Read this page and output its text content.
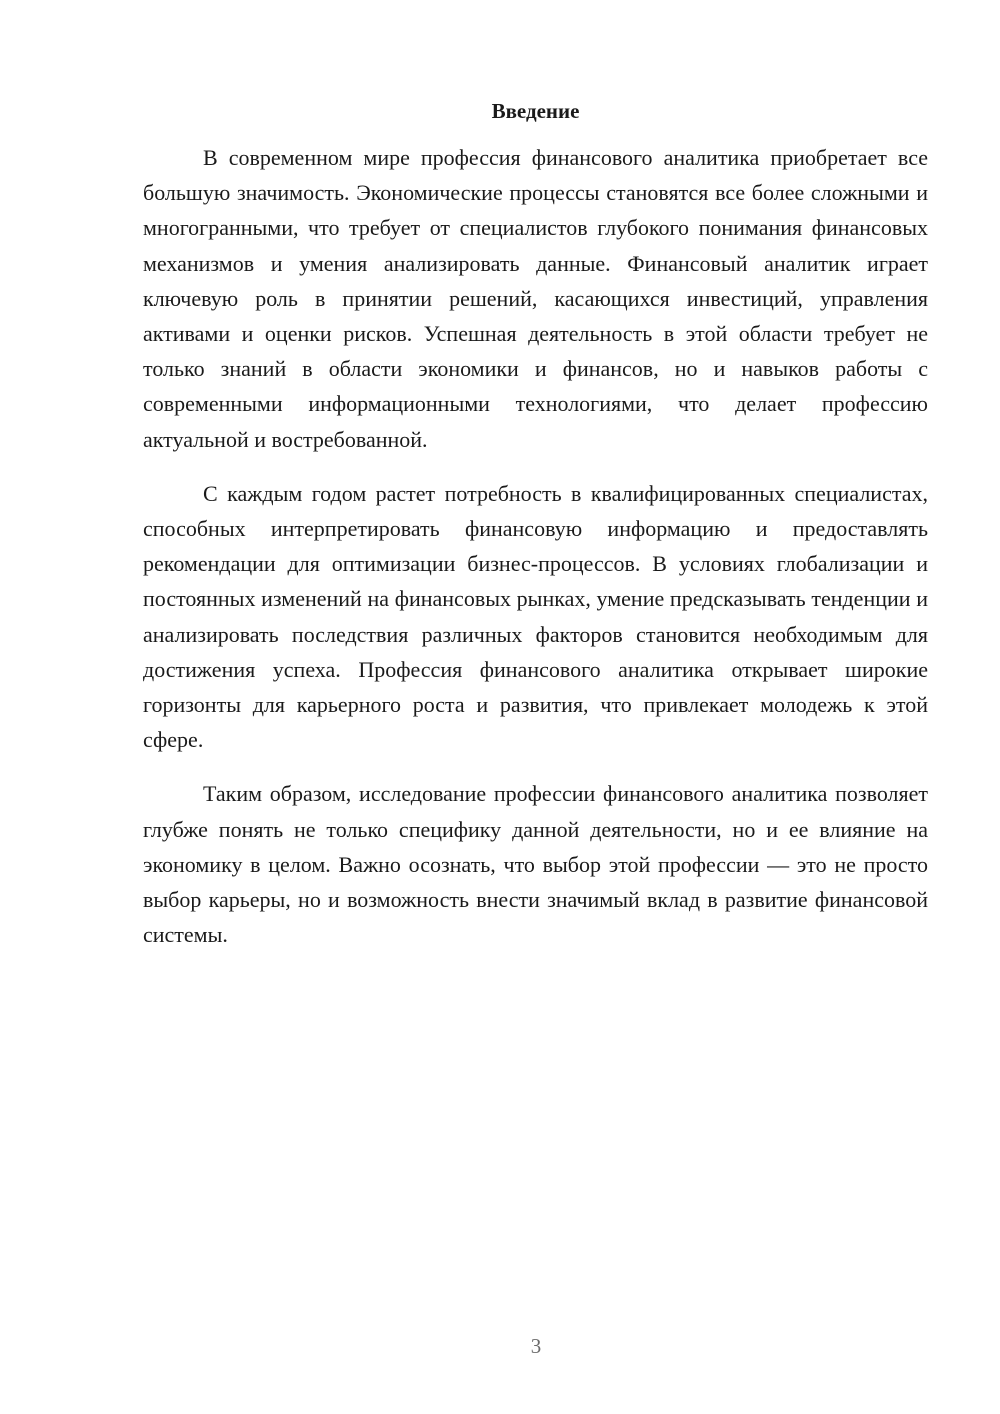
Введение

В современном мире профессия финансового аналитика приобретает все большую значимость. Экономические процессы становятся все более сложными и многогранными, что требует от специалистов глубокого понимания финансовых механизмов и умения анализировать данные. Финансовый аналитик играет ключевую роль в принятии решений, касающихся инвестиций, управления активами и оценки рисков. Успешная деятельность в этой области требует не только знаний в области экономики и финансов, но и навыков работы с современными информационными технологиями, что делает профессию актуальной и востребованной.

С каждым годом растет потребность в квалифицированных специалистах, способных интерпретировать финансовую информацию и предоставлять рекомендации для оптимизации бизнес-процессов. В условиях глобализации и постоянных изменений на финансовых рынках, умение предсказывать тенденции и анализировать последствия различных факторов становится необходимым для достижения успеха. Профессия финансового аналитика открывает широкие горизонты для карьерного роста и развития, что привлекает молодежь к этой сфере.

Таким образом, исследование профессии финансового аналитика позволяет глубже понять не только специфику данной деятельности, но и ее влияние на экономику в целом. Важно осознать, что выбор этой профессии — это не просто выбор карьеры, но и возможность внести значимый вклад в развитие финансовой системы.

3
